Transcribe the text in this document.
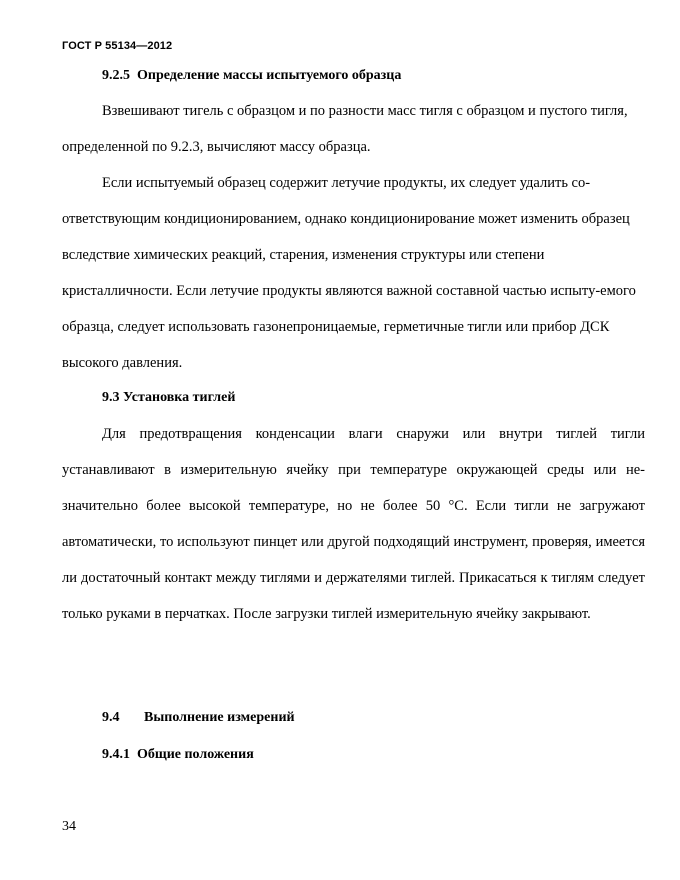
ГОСТ Р 55134—2012
9.2.5 Определение массы испытуемого образца

Взвешивают тигель с образцом и по разности масс тигля с образцом и пустого тигля, определенной по 9.2.3, вычисляют массу образца.

Если испытуемый образец содержит летучие продукты, их следует удалить со-ответствующим кондиционированием, однако кондиционирование может изменить образец вследствие химических реакций, старения, изменения структуры или степени кристалличности. Если летучие продукты являются важной составной частью испыту-емого образца, следует использовать газонепроницаемые, герметичные тигли или прибор ДСК высокого давления.

9.3 Установка тиглей

Для предотвращения конденсации влаги снаружи или внутри тиглей тигли устанавливают в измерительную ячейку при температуре окружающей среды или не-значительно более высокой температуре, но не более 50 °С. Если тигли не загружают автоматически, то используют пинцет или другой подходящий инструмент, проверяя, имеется ли достаточный контакт между тиглями и держателями тиглей. Прикасаться к тиглям следует только руками в перчатках. После загрузки тиглей измерительную ячейку закрывают.

9.4 Выполнение измерений
9.4.1 Общие положения
34
